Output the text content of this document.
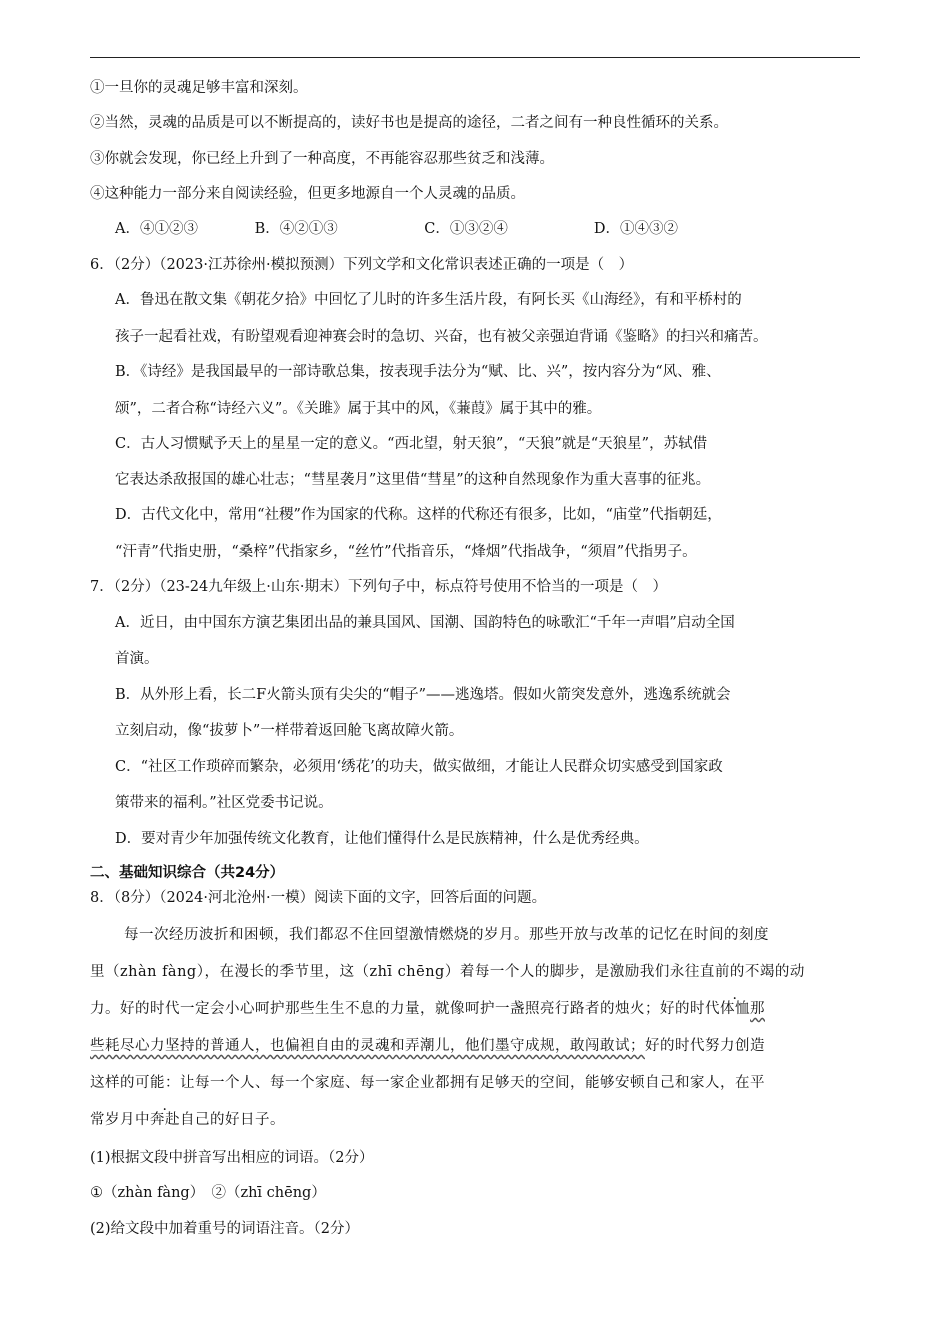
①一旦你的灵魂足够丰富和深刻。
②当然，灵魂的品质是可以不断提高的，读好书也是提高的途径，二者之间有一种良性循环的关系。
③你就会发现，你已经上升到了一种高度，不再能容忍那些贫乏和浅薄。
④这种能力一部分来自阅读经验，但更多地源自一个人灵魂的品质。
A．④①②③	B．④②①③	C．①③②④	D．①④③②
6．（2分）（2023·江苏徐州·模拟预测）下列文学和文化常识表述正确的一项是（　）
A．鲁迅在散文集《朝花夕拾》中回忆了儿时的许多生活片段，有阿长买《山海经》，有和平桥村的
孩子一起看社戏，有盼望观看迎神赛会时的急切、兴奋，也有被父亲强迫背诵《鉴略》的扫兴和痛苦。
B．《诗经》是我国最早的一部诗歌总集，按表现手法分为“赋、比、兴”，按内容分为“风、雅、
颂”，二者合称“诗经六义”。《关雎》属于其中的风，《蒹葭》属于其中的雅。
C．古人习惯赋予天上的星星一定的意义。“西北望，射天狼”，“天狼”就是“天狼星”，苏轼借
它表达杀敌报国的雄心壮志；“彗星袭月”这里借“彗星”的这种自然现象作为重大喜事的征兆。
D．古代文化中，常用“社稷”作为国家的代称。这样的代称还有很多，比如，“庙堂”代指朝廷，
“汗青”代指史册，“桑梓”代指家乡，“丝竹”代指音乐，“烽烟”代指战争，“须眉”代指男子。
7．（2分）（23-24九年级上·山东·期末）下列句子中，标点符号使用不恰当的一项是（　）
A．近日，由中国东方演艺集团出品的兼具国风、国潮、国韵特色的咏歌汇“千年一声唱”启动全国
首演。
B．从外形上看，长二F火箭头顶有尖尖的“帽子”——逃逸塔。假如火箭突发意外，逃逸系统就会
立刻启动，像“拔萝卜”一样带着返回舱飞离故障火箭。
C．“社区工作琐碎而繁杂，必须用‘绣花’的功夫，做实做细，才能让人民群众切实感受到国家政
策带来的福利。”社区党委书记说。
D．要对青少年加强传统文化教育，让他们懂得什么是民族精神，什么是优秀经典。
二、基础知识综合（共24分）
8．（8分）（2024·河北沧州·一模）阅读下面的文字，回答后面的问题。
每一次经历波折和困顿，我们都忍不住回望激情燃烧的岁月。那些开放与改革的记忆在时间的刻度
里（zhàn fàng），在漫长的季节里，这（zhī chēng）着每一个人的脚步，是激励我们永往直前的不竭的动
力。好的时代一定会小心呵护那些生生不息的力量，就像呵护一盏照亮行路者的烛火；好的时代体恤那
些耗尽心力坚持的普通人，也偏袒自由的灵魂和弄潮儿，他们墨守成规，敢闯敢试；好的时代努力创造
这样的可能：让每一个人、每一个家庭、每一家企业都拥有足够天的空间，能够安顿自己和家人，在平
常岁月中奔赴自己的好日子。
(1)根据文段中拼音写出相应的词语。（2分）
①（zhàn fàng）　②（zhī chēng）
(2)给文段中加着重号的词语注音。（2分）
